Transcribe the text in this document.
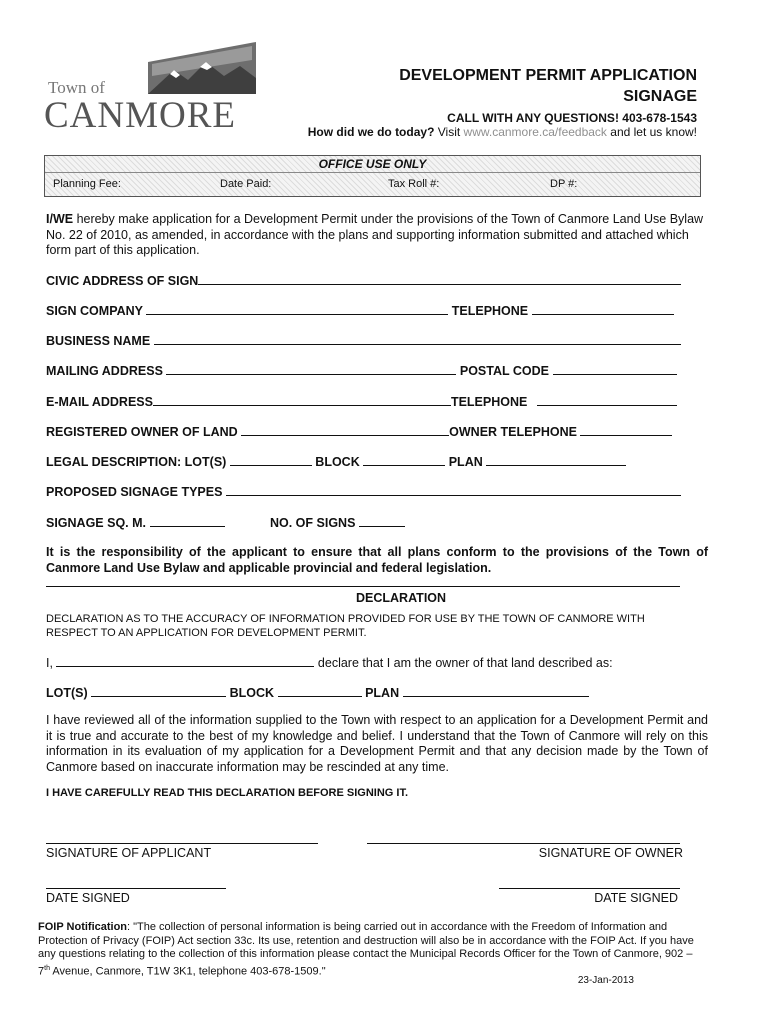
Town of
CANMORE
DEVELOPMENT PERMIT APPLICATION
SIGNAGE
CALL WITH ANY QUESTIONS! 403-678-1543
How did we do today? Visit www.canmore.ca/feedback and let us know!
OFFICE USE ONLY
Planning Fee:	Date Paid:	Tax Roll #:	DP #:
I/WE hereby make application for a Development Permit under the provisions of the Town of Canmore Land Use Bylaw No. 22 of 2010, as amended, in accordance with the plans and supporting information submitted and attached which form part of this application.
CIVIC ADDRESS OF SIGN
SIGN COMPANY	TELEPHONE
BUSINESS NAME
MAILING ADDRESS	POSTAL CODE
E-MAIL ADDRESS	TELEPHONE
REGISTERED OWNER OF LAND	OWNER TELEPHONE
LEGAL DESCRIPTION: LOT(S)	BLOCK	PLAN
PROPOSED SIGNAGE TYPES
SIGNAGE SQ. M.	NO. OF SIGNS
It is the responsibility of the applicant to ensure that all plans conform to the provisions of the Town of Canmore Land Use Bylaw and applicable provincial and federal legislation.
DECLARATION
DECLARATION AS TO THE ACCURACY OF INFORMATION PROVIDED FOR USE BY THE TOWN OF CANMORE WITH RESPECT TO AN APPLICATION FOR DEVELOPMENT PERMIT.
I,	declare that I am the owner of that land described as:
LOT(S)	BLOCK	PLAN
I have reviewed all of the information supplied to the Town with respect to an application for a Development Permit and it is true and accurate to the best of my knowledge and belief. I understand that the Town of Canmore will rely on this information in its evaluation of my application for a Development Permit and that any decision made by the Town of Canmore based on inaccurate information may be rescinded at any time.
I HAVE CAREFULLY READ THIS DECLARATION BEFORE SIGNING IT.
SIGNATURE OF APPLICANT	SIGNATURE OF OWNER
DATE SIGNED	DATE SIGNED
FOIP Notification: "The collection of personal information is being carried out in accordance with the Freedom of Information and Protection of Privacy (FOIP) Act section 33c. Its use, retention and destruction will also be in accordance with the FOIP Act. If you have any questions relating to the collection of this information please contact the Municipal Records Officer for the Town of Canmore, 902 – 7th Avenue, Canmore, T1W 3K1, telephone 403-678-1509."
23-Jan-2013
